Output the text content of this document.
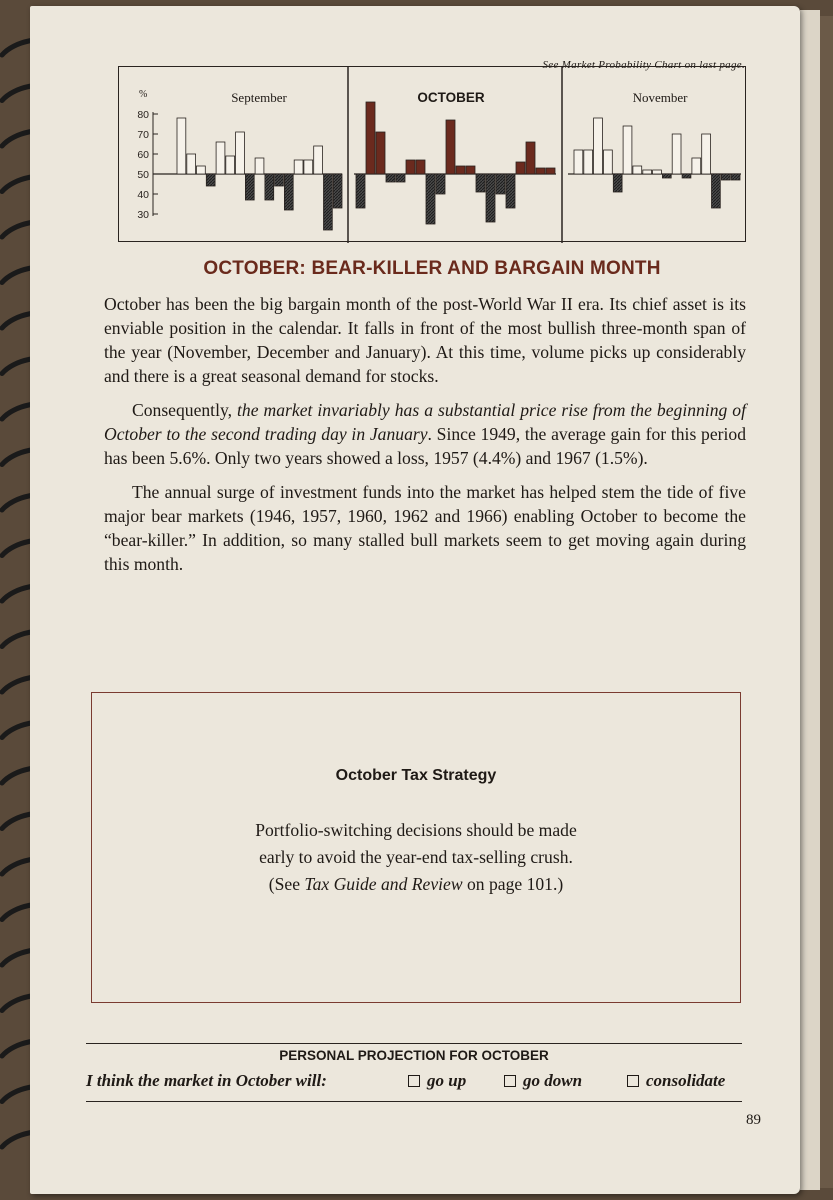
See Market Probability Chart on last page.
%
80
70
60
50
40
30
September	OCTOBER	November
OCTOBER: BEAR-KILLER AND BARGAIN MONTH

October has been the big bargain month of the post-World War II era. Its chief asset is its enviable position in the calendar. It falls in front of the most bullish three-month span of the year (November, December and January). At this time, volume picks up considerably and there is a great seasonal demand for stocks.

Consequently, the market invariably has a substantial price rise from the beginning of October to the second trading day in January. Since 1949, the average gain for this period has been 5.6%. Only two years showed a loss, 1957 (4.4%) and 1967 (1.5%).

The annual surge of investment funds into the market has helped stem the tide of five major bear markets (1946, 1957, 1960, 1962 and 1966) enabling October to become the “bear-killer.” In addition, so many stalled bull markets seem to get moving again during this month.

October Tax Strategy
Portfolio-switching decisions should be made
early to avoid the year-end tax-selling crush.
(See Tax Guide and Review on page 101.)
PERSONAL PROJECTION FOR OCTOBER
I think the market in October will:	go up	go down	consolidate
89
